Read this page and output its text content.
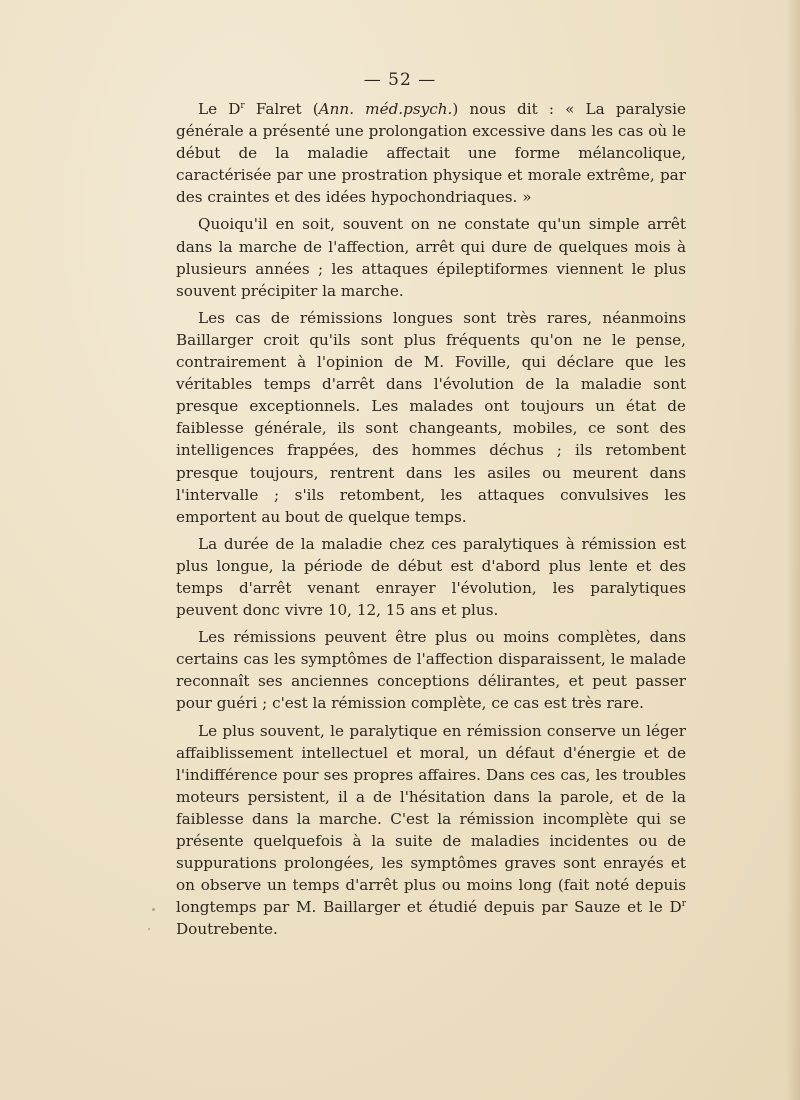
— 52 —

Le $D^r$ Falret (Ann. méd.psych.) nous dit : « La paralysie générale a présenté une prolongation excessive dans les cas où le début de la maladie affectait une forme mélancolique, caractérisée par une prostration physique et morale extrême, par des craintes et des idées hypochondriaques. »

Quoiqu'il en soit, souvent on ne constate qu'un simple arrêt dans la marche de l'affection, arrêt qui dure de quelques mois à plusieurs années ; les attaques épileptiformes viennent le plus souvent précipiter la marche.

Les cas de rémissions longues sont très rares, néanmoins Baillarger croit qu'ils sont plus fréquents qu'on ne le pense, contrairement à l'opinion de M. Foville, qui déclare que les véritables temps d'arrêt dans l'évolution de la maladie sont presque exceptionnels. Les malades ont toujours un état de faiblesse générale, ils sont changeants, mobiles, ce sont des intelligences frappées, des hommes déchus ; ils retombent presque toujours, rentrent dans les asiles ou meurent dans l'intervalle ; s'ils retombent, les attaques convulsives les emportent au bout de quelque temps.

La durée de la maladie chez ces paralytiques à rémission est plus longue, la période de début est d'abord plus lente et des temps d'arrêt venant enrayer l'évolution, les paralytiques peuvent donc vivre 10, 12, 15 ans et plus.

Les rémissions peuvent être plus ou moins complètes, dans certains cas les symptômes de l'affection disparaissent, le malade reconnaît ses anciennes conceptions délirantes, et peut passer pour guéri ; c'est la rémission complète, ce cas est très rare.

Le plus souvent, le paralytique en rémission conserve un léger affaiblissement intellectuel et moral, un défaut d'énergie et de l'indifférence pour ses propres affaires. Dans ces cas, les troubles moteurs persistent, il a de l'hésitation dans la parole, et de la faiblesse dans la marche. C'est la rémission incomplète qui se présente quelquefois à la suite de maladies incidentes ou de suppurations prolongées, les symptômes graves sont enrayés et on observe un temps d'arrêt plus ou moins long (fait noté depuis longtemps par M. Baillarger et étudié depuis par Sauze et le $D^r$ Doutrebente.
